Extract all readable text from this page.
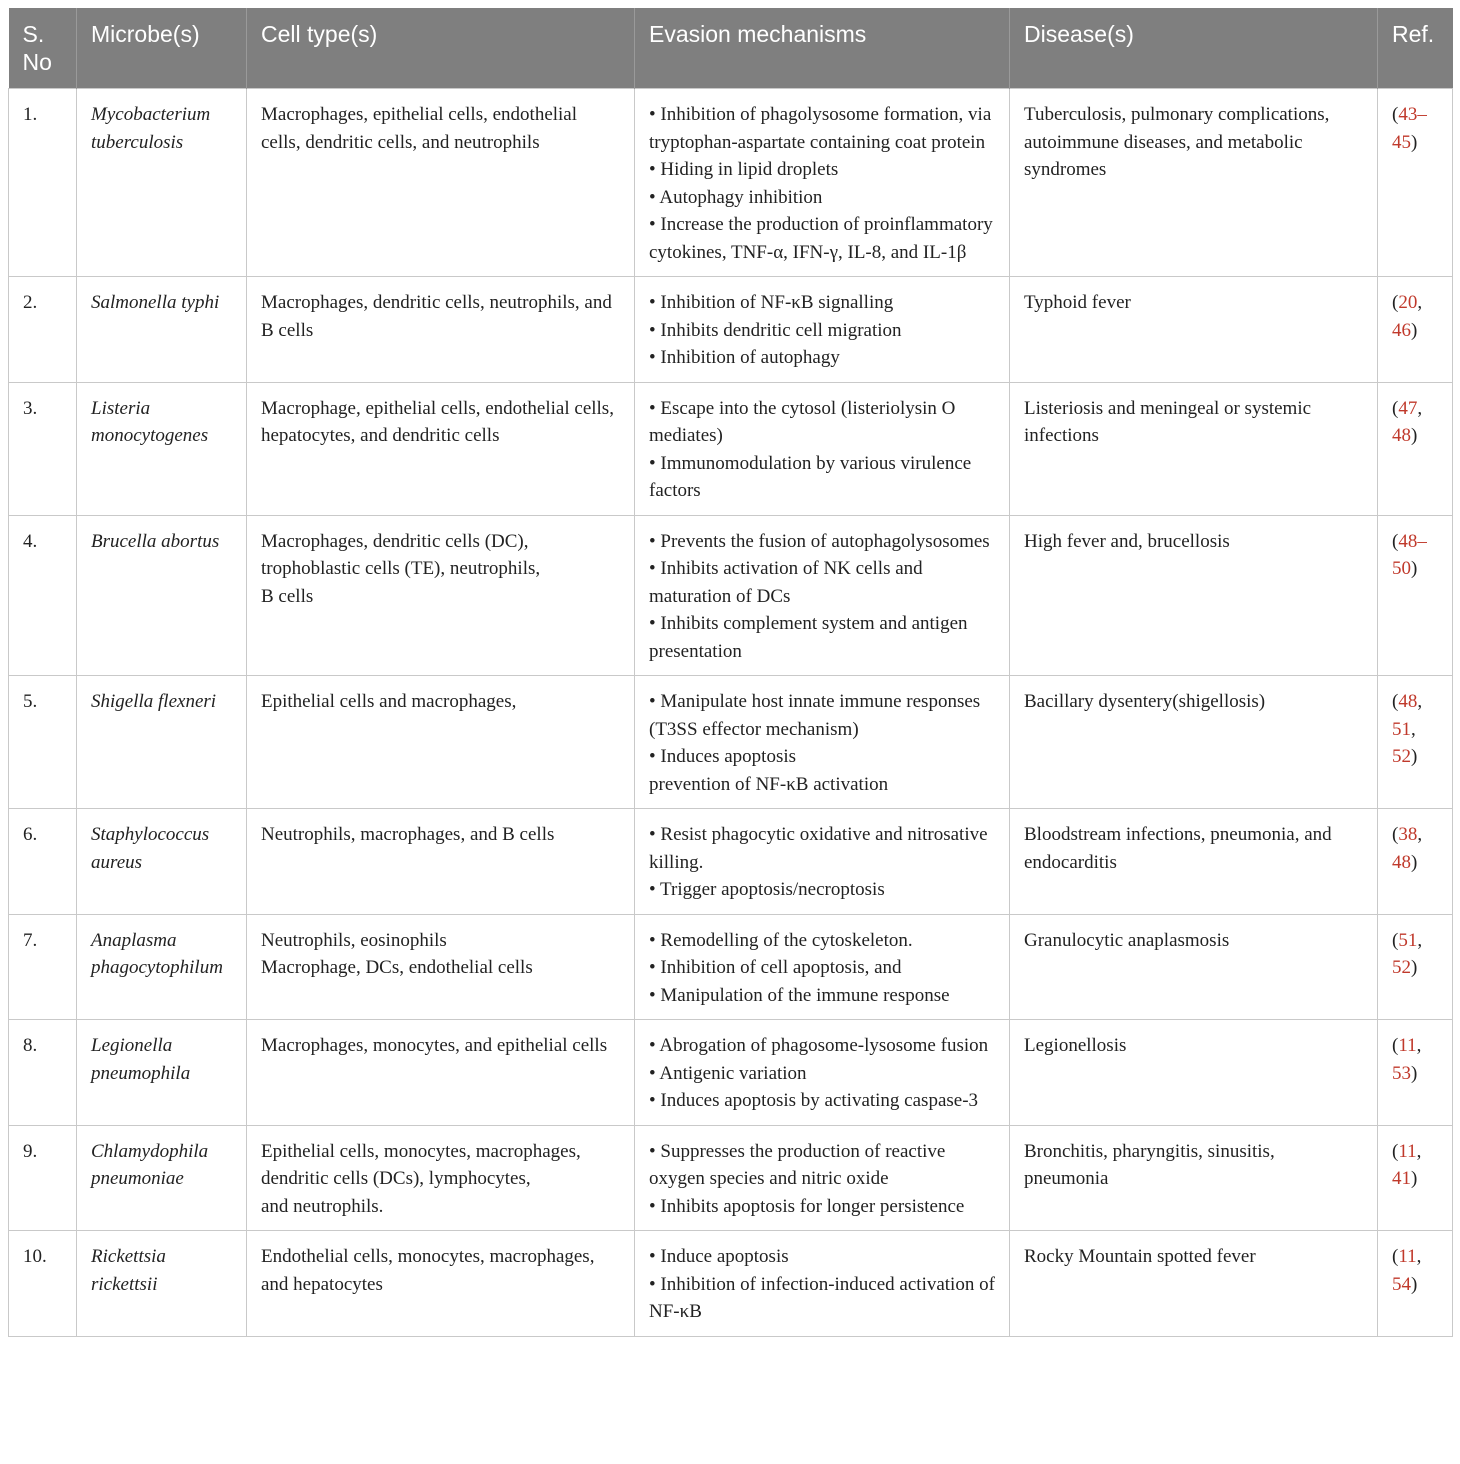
S. No	Microbe(s)	Cell type(s)	Evasion mechanisms	Disease(s)	Ref.
1.	Mycobacterium tuberculosis	Macrophages, epithelial cells, endothelial cells, dendritic cells, and neutrophils	• Inhibition of phagolysosome formation, via tryptophan-aspartate containing coat protein
• Hiding in lipid droplets
• Autophagy inhibition
• Increase the production of proinflammatory cytokines, TNF-α, IFN-γ, IL-8, and IL-1β	Tuberculosis, pulmonary complications, autoimmune diseases, and metabolic syndromes	(43–45)
2.	Salmonella typhi	Macrophages, dendritic cells, neutrophils, and B cells	• Inhibition of NF-κB signalling
• Inhibits dendritic cell migration
• Inhibition of autophagy	Typhoid fever	(20,
46)
3.	Listeria monocytogenes	Macrophage, epithelial cells, endothelial cells, hepatocytes, and dendritic cells	• Escape into the cytosol (listeriolysin O mediates)
• Immunomodulation by various virulence factors	Listeriosis and meningeal or systemic infections	(47,
48)
4.	Brucella abortus	Macrophages, dendritic cells (DC), trophoblastic cells (TE), neutrophils,
B cells	• Prevents the fusion of autophagolysosomes
• Inhibits activation of NK cells and maturation of DCs
• Inhibits complement system and antigen presentation	High fever and, brucellosis	(48–50)
5.	Shigella flexneri	Epithelial cells and macrophages,	• Manipulate host innate immune responses (T3SS effector mechanism)
• Induces apoptosis
prevention of NF-κB activation	Bacillary dysentery(shigellosis)	(48,
51,
52)
6.	Staphylococcus aureus	Neutrophils, macrophages, and B cells	• Resist phagocytic oxidative and nitrosative killing.
• Trigger apoptosis/necroptosis	Bloodstream infections, pneumonia, and endocarditis	(38,
48)
7.	Anaplasma phagocytophilum	Neutrophils, eosinophils
Macrophage, DCs, endothelial cells	• Remodelling of the cytoskeleton.
• Inhibition of cell apoptosis, and
• Manipulation of the immune response	Granulocytic anaplasmosis	(51,
52)
8.	Legionella pneumophila	Macrophages, monocytes, and epithelial cells	• Abrogation of phagosome-lysosome fusion
• Antigenic variation
• Induces apoptosis by activating caspase-3	Legionellosis	(11,
53)
9.	Chlamydophila pneumoniae	Epithelial cells, monocytes, macrophages, dendritic cells (DCs), lymphocytes,
and neutrophils.	• Suppresses the production of reactive oxygen species and nitric oxide
• Inhibits apoptosis for longer persistence	Bronchitis, pharyngitis, sinusitis, pneumonia	(11,
41)
10.	Rickettsia rickettsii	Endothelial cells, monocytes, macrophages, and hepatocytes	• Induce apoptosis
• Inhibition of infection-induced activation of NF-κB	Rocky Mountain spotted fever	(11,
54)
